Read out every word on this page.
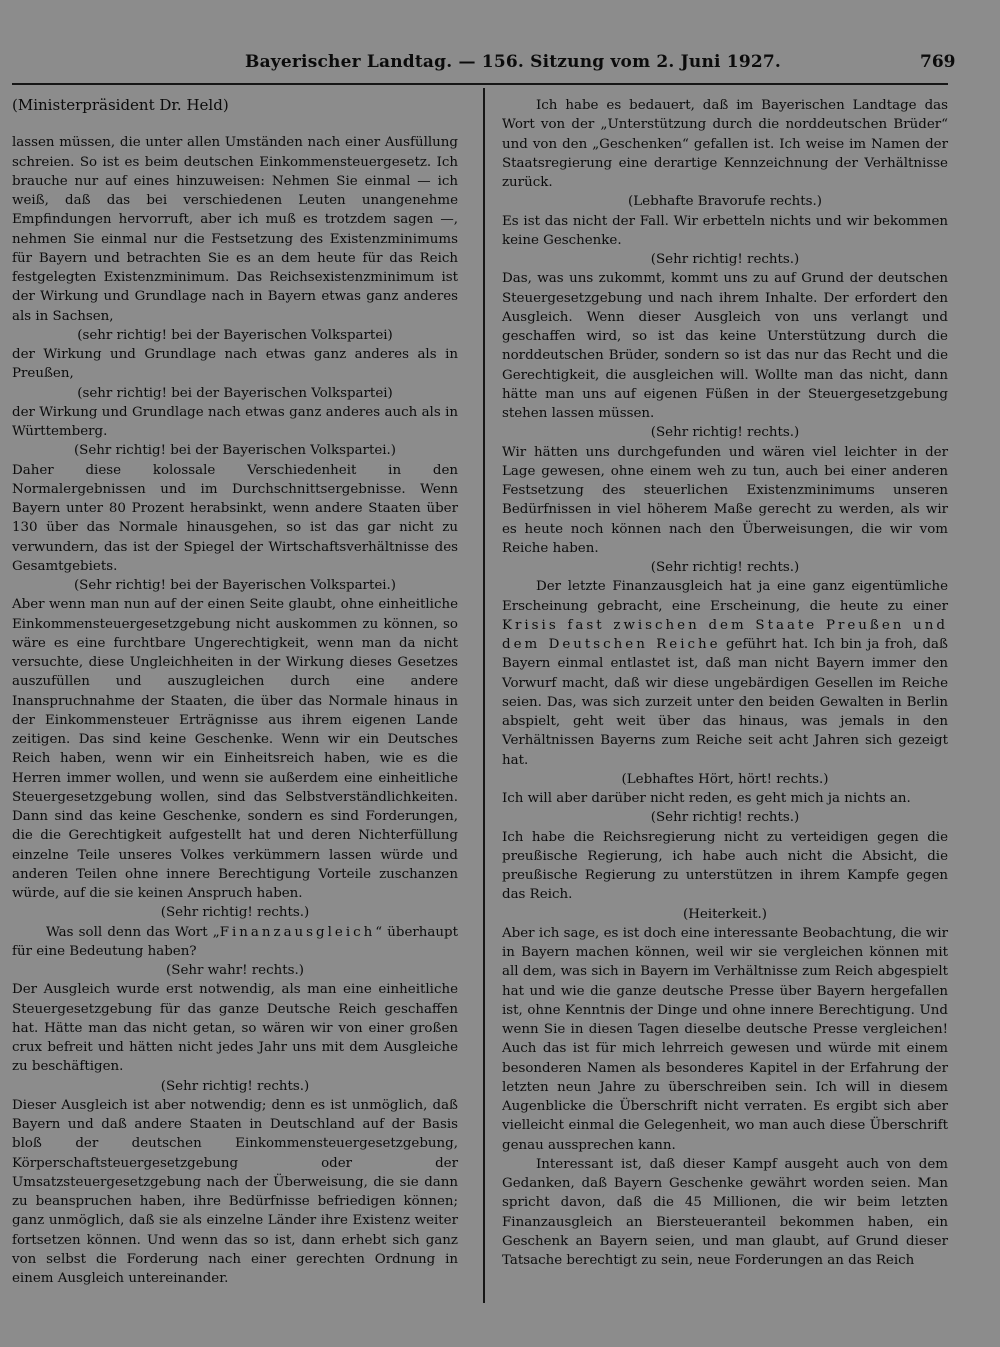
Bayerischer Landtag. — 156. Sitzung vom 2. Juni 1927.	769

(Ministerpräsident Dr. Held)

lassen müssen, die unter allen Umständen nach einer Ausfüllung schreien. So ist es beim deutschen Einkommensteuergesetz. Ich brauche nur auf eines hinzuweisen: Nehmen Sie einmal — ich weiß, daß das bei verschiedenen Leuten unangenehme Empfindungen hervorruft, aber ich muß es trotzdem sagen —, nehmen Sie einmal nur die Festsetzung des Existenzminimums für Bayern und betrachten Sie es an dem heute für das Reich festgelegten Existenzminimum. Das Reichsexistenzminimum ist der Wirkung und Grundlage nach in Bayern etwas ganz anderes als in Sachsen,

(sehr richtig! bei der Bayerischen Volkspartei)

der Wirkung und Grundlage nach etwas ganz anderes als in Preußen,

(sehr richtig! bei der Bayerischen Volkspartei)

der Wirkung und Grundlage nach etwas ganz anderes auch als in Württemberg.

(Sehr richtig! bei der Bayerischen Volkspartei.)

Daher diese kolossale Verschiedenheit in den Normalergebnissen und im Durchschnittsergebnisse. Wenn Bayern unter 80 Prozent herabsinkt, wenn andere Staaten über 130 über das Normale hinausgehen, so ist das gar nicht zu verwundern, das ist der Spiegel der Wirtschaftsverhältnisse des Gesamtgebiets.

(Sehr richtig! bei der Bayerischen Volkspartei.)

Aber wenn man nun auf der einen Seite glaubt, ohne einheitliche Einkommensteuergesetzgebung nicht auskommen zu können, so wäre es eine furchtbare Ungerechtigkeit, wenn man da nicht versuchte, diese Ungleichheiten in der Wirkung dieses Gesetzes auszufüllen und auszugleichen durch eine andere Inanspruchnahme der Staaten, die über das Normale hinaus in der Einkommensteuer Erträgnisse aus ihrem eigenen Lande zeitigen. Das sind keine Geschenke. Wenn wir ein Deutsches Reich haben, wenn wir ein Einheitsreich haben, wie es die Herren immer wollen, und wenn sie außerdem eine einheitliche Steuergesetzgebung wollen, sind das Selbstverständlichkeiten. Dann sind das keine Geschenke, sondern es sind Forderungen, die die Gerechtigkeit aufgestellt hat und deren Nichterfüllung einzelne Teile unseres Volkes verkümmern lassen würde und anderen Teilen ohne innere Berechtigung Vorteile zuschanzen würde, auf die sie keinen Anspruch haben.

(Sehr richtig! rechts.)

Was soll denn das Wort „Finanzausgleich“ überhaupt für eine Bedeutung haben?

(Sehr wahr! rechts.)

Der Ausgleich wurde erst notwendig, als man eine einheitliche Steuergesetzgebung für das ganze Deutsche Reich geschaffen hat. Hätte man das nicht getan, so wären wir von einer großen crux befreit und hätten nicht jedes Jahr uns mit dem Ausgleiche zu beschäftigen.

(Sehr richtig! rechts.)

Dieser Ausgleich ist aber notwendig; denn es ist unmöglich, daß Bayern und daß andere Staaten in Deutschland auf der Basis bloß der deutschen Einkommensteuergesetzgebung, Körperschaftsteuergesetzgebung oder der Umsatzsteuergesetzgebung nach der Überweisung, die sie dann zu beanspruchen haben, ihre Bedürfnisse befriedigen können; ganz unmöglich, daß sie als einzelne Länder ihre Existenz weiter fortsetzen können. Und wenn das so ist, dann erhebt sich ganz von selbst die Forderung nach einer gerechten Ordnung in einem Ausgleich untereinander.

Ich habe es bedauert, daß im Bayerischen Landtage das Wort von der „Unterstützung durch die norddeutschen Brüder“ und von den „Geschenken“ gefallen ist. Ich weise im Namen der Staatsregierung eine derartige Kennzeichnung der Verhältnisse zurück.

(Lebhafte Bravorufe rechts.)

Es ist das nicht der Fall. Wir erbetteln nichts und wir bekommen keine Geschenke.

(Sehr richtig! rechts.)

Das, was uns zukommt, kommt uns zu auf Grund der deutschen Steuergesetzgebung und nach ihrem Inhalte. Der erfordert den Ausgleich. Wenn dieser Ausgleich von uns verlangt und geschaffen wird, so ist das keine Unterstützung durch die norddeutschen Brüder, sondern so ist das nur das Recht und die Gerechtigkeit, die ausgleichen will. Wollte man das nicht, dann hätte man uns auf eigenen Füßen in der Steuergesetzgebung stehen lassen müssen.

(Sehr richtig! rechts.)

Wir hätten uns durchgefunden und wären viel leichter in der Lage gewesen, ohne einem weh zu tun, auch bei einer anderen Festsetzung des steuerlichen Existenzminimums unseren Bedürfnissen in viel höherem Maße gerecht zu werden, als wir es heute noch können nach den Überweisungen, die wir vom Reiche haben.

(Sehr richtig! rechts.)

Der letzte Finanzausgleich hat ja eine ganz eigentümliche Erscheinung gebracht, eine Erscheinung, die heute zu einer Krisis fast zwischen dem Staate Preußen und dem Deutschen Reiche geführt hat. Ich bin ja froh, daß Bayern einmal entlastet ist, daß man nicht Bayern immer den Vorwurf macht, daß wir diese ungebärdigen Gesellen im Reiche seien. Das, was sich zurzeit unter den beiden Gewalten in Berlin abspielt, geht weit über das hinaus, was jemals in den Verhältnissen Bayerns zum Reiche seit acht Jahren sich gezeigt hat.

(Lebhaftes Hört, hört! rechts.)

Ich will aber darüber nicht reden, es geht mich ja nichts an.

(Sehr richtig! rechts.)

Ich habe die Reichsregierung nicht zu verteidigen gegen die preußische Regierung, ich habe auch nicht die Absicht, die preußische Regierung zu unterstützen in ihrem Kampfe gegen das Reich.

(Heiterkeit.)

Aber ich sage, es ist doch eine interessante Beobachtung, die wir in Bayern machen können, weil wir sie vergleichen können mit all dem, was sich in Bayern im Verhältnisse zum Reich abgespielt hat und wie die ganze deutsche Presse über Bayern hergefallen ist, ohne Kenntnis der Dinge und ohne innere Berechtigung. Und wenn Sie in diesen Tagen dieselbe deutsche Presse vergleichen! Auch das ist für mich lehrreich gewesen und würde mit einem besonderen Namen als besonderes Kapitel in der Erfahrung der letzten neun Jahre zu überschreiben sein. Ich will in diesem Augenblicke die Überschrift nicht verraten. Es ergibt sich aber vielleicht einmal die Gelegenheit, wo man auch diese Überschrift genau aussprechen kann.

Interessant ist, daß dieser Kampf ausgeht auch von dem Gedanken, daß Bayern Geschenke gewährt worden seien. Man spricht davon, daß die 45 Millionen, die wir beim letzten Finanzausgleich an Biersteueranteil bekommen haben, ein Geschenk an Bayern seien, und man glaubt, auf Grund dieser Tatsache berechtigt zu sein, neue Forderungen an das Reich
